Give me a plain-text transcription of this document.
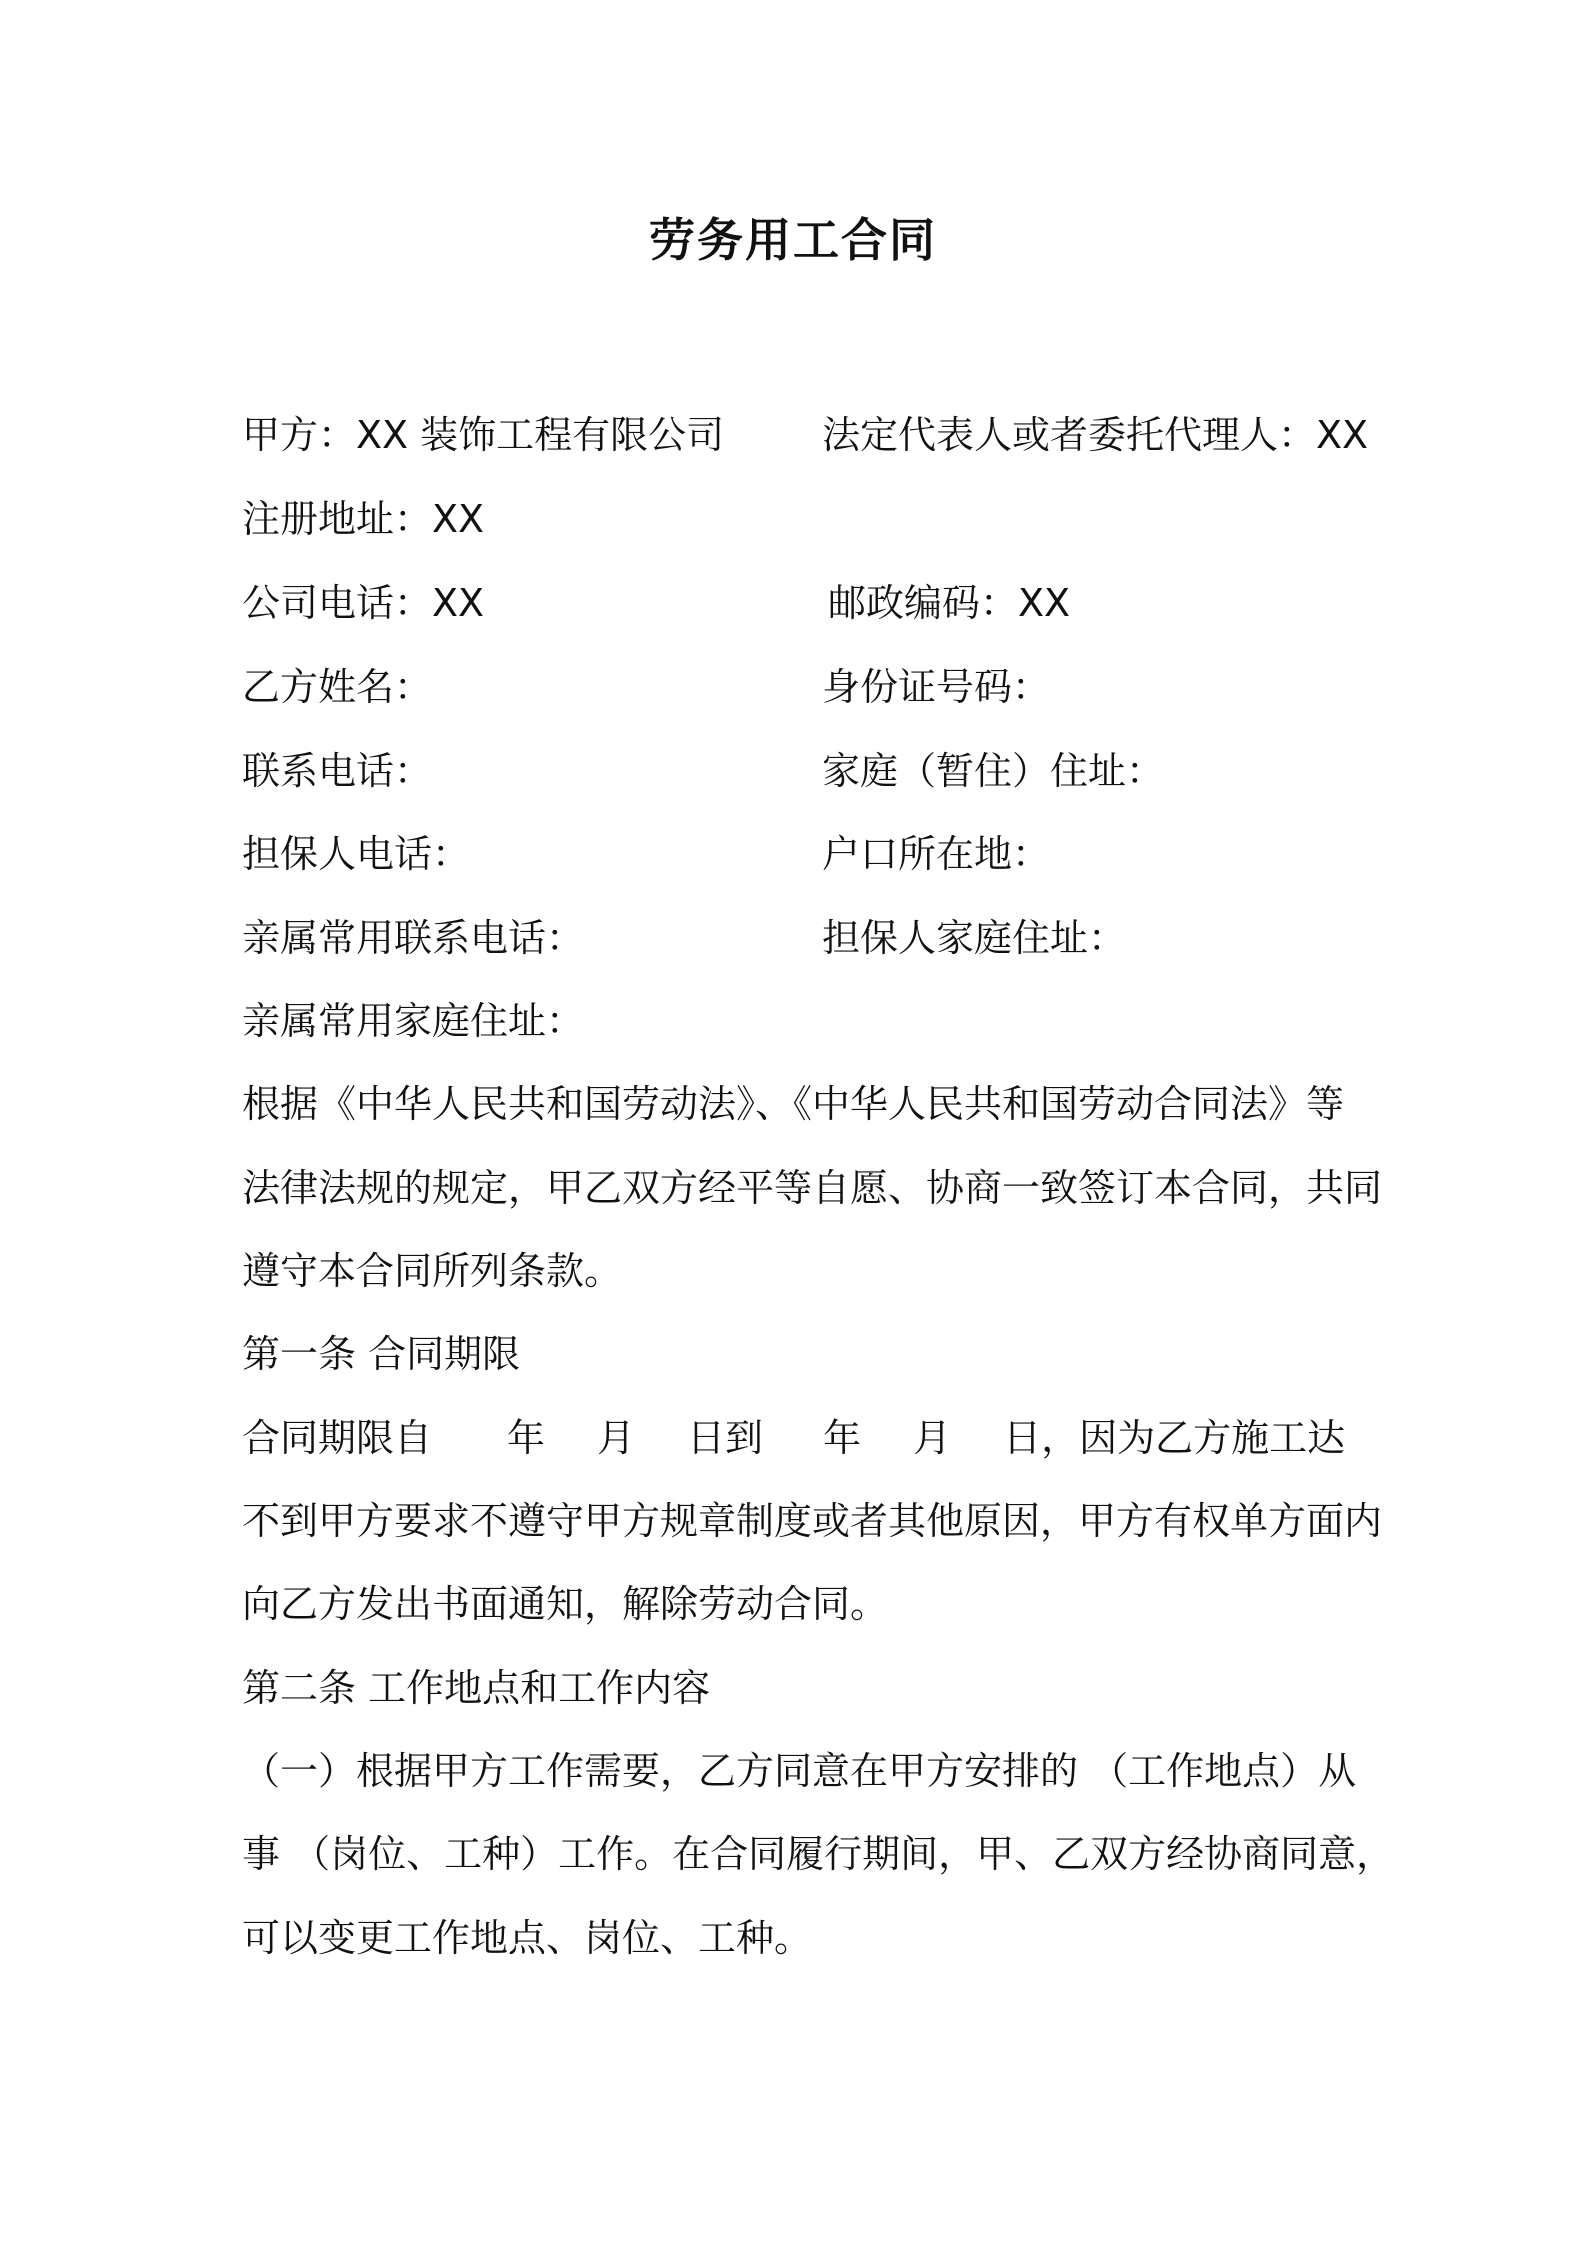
劳务用工合同
甲方：XX 装饰工程有限公司	法定代表人或者委托代理人：XX
注册地址：XX
公司电话：XX	邮政编码：XX
乙方姓名：	身份证号码：
联系电话：	家庭（暂住）住址：
担保人电话：	户口所在地：
亲属常用联系电话：	担保人家庭住址：
亲属常用家庭住址：
根据《中华人民共和国劳动法》、《中华人民共和国劳动合同法》等
法律法规的规定，甲乙双方经平等自愿、协商一致签订本合同，共同
遵守本合同所列条款。
第一条 合同期限
合同期限自 年 月 日到 年 月 日，因为乙方施工达
不到甲方要求不遵守甲方规章制度或者其他原因，甲方有权单方面内
向乙方发出书面通知，解除劳动合同。
第二条 工作地点和工作内容
（一）根据甲方工作需要，乙方同意在甲方安排的 （工作地点）从
事 （岗位、工种）工作。在合同履行期间，甲、乙双方经协商同意，
可以变更工作地点、岗位、工种。
